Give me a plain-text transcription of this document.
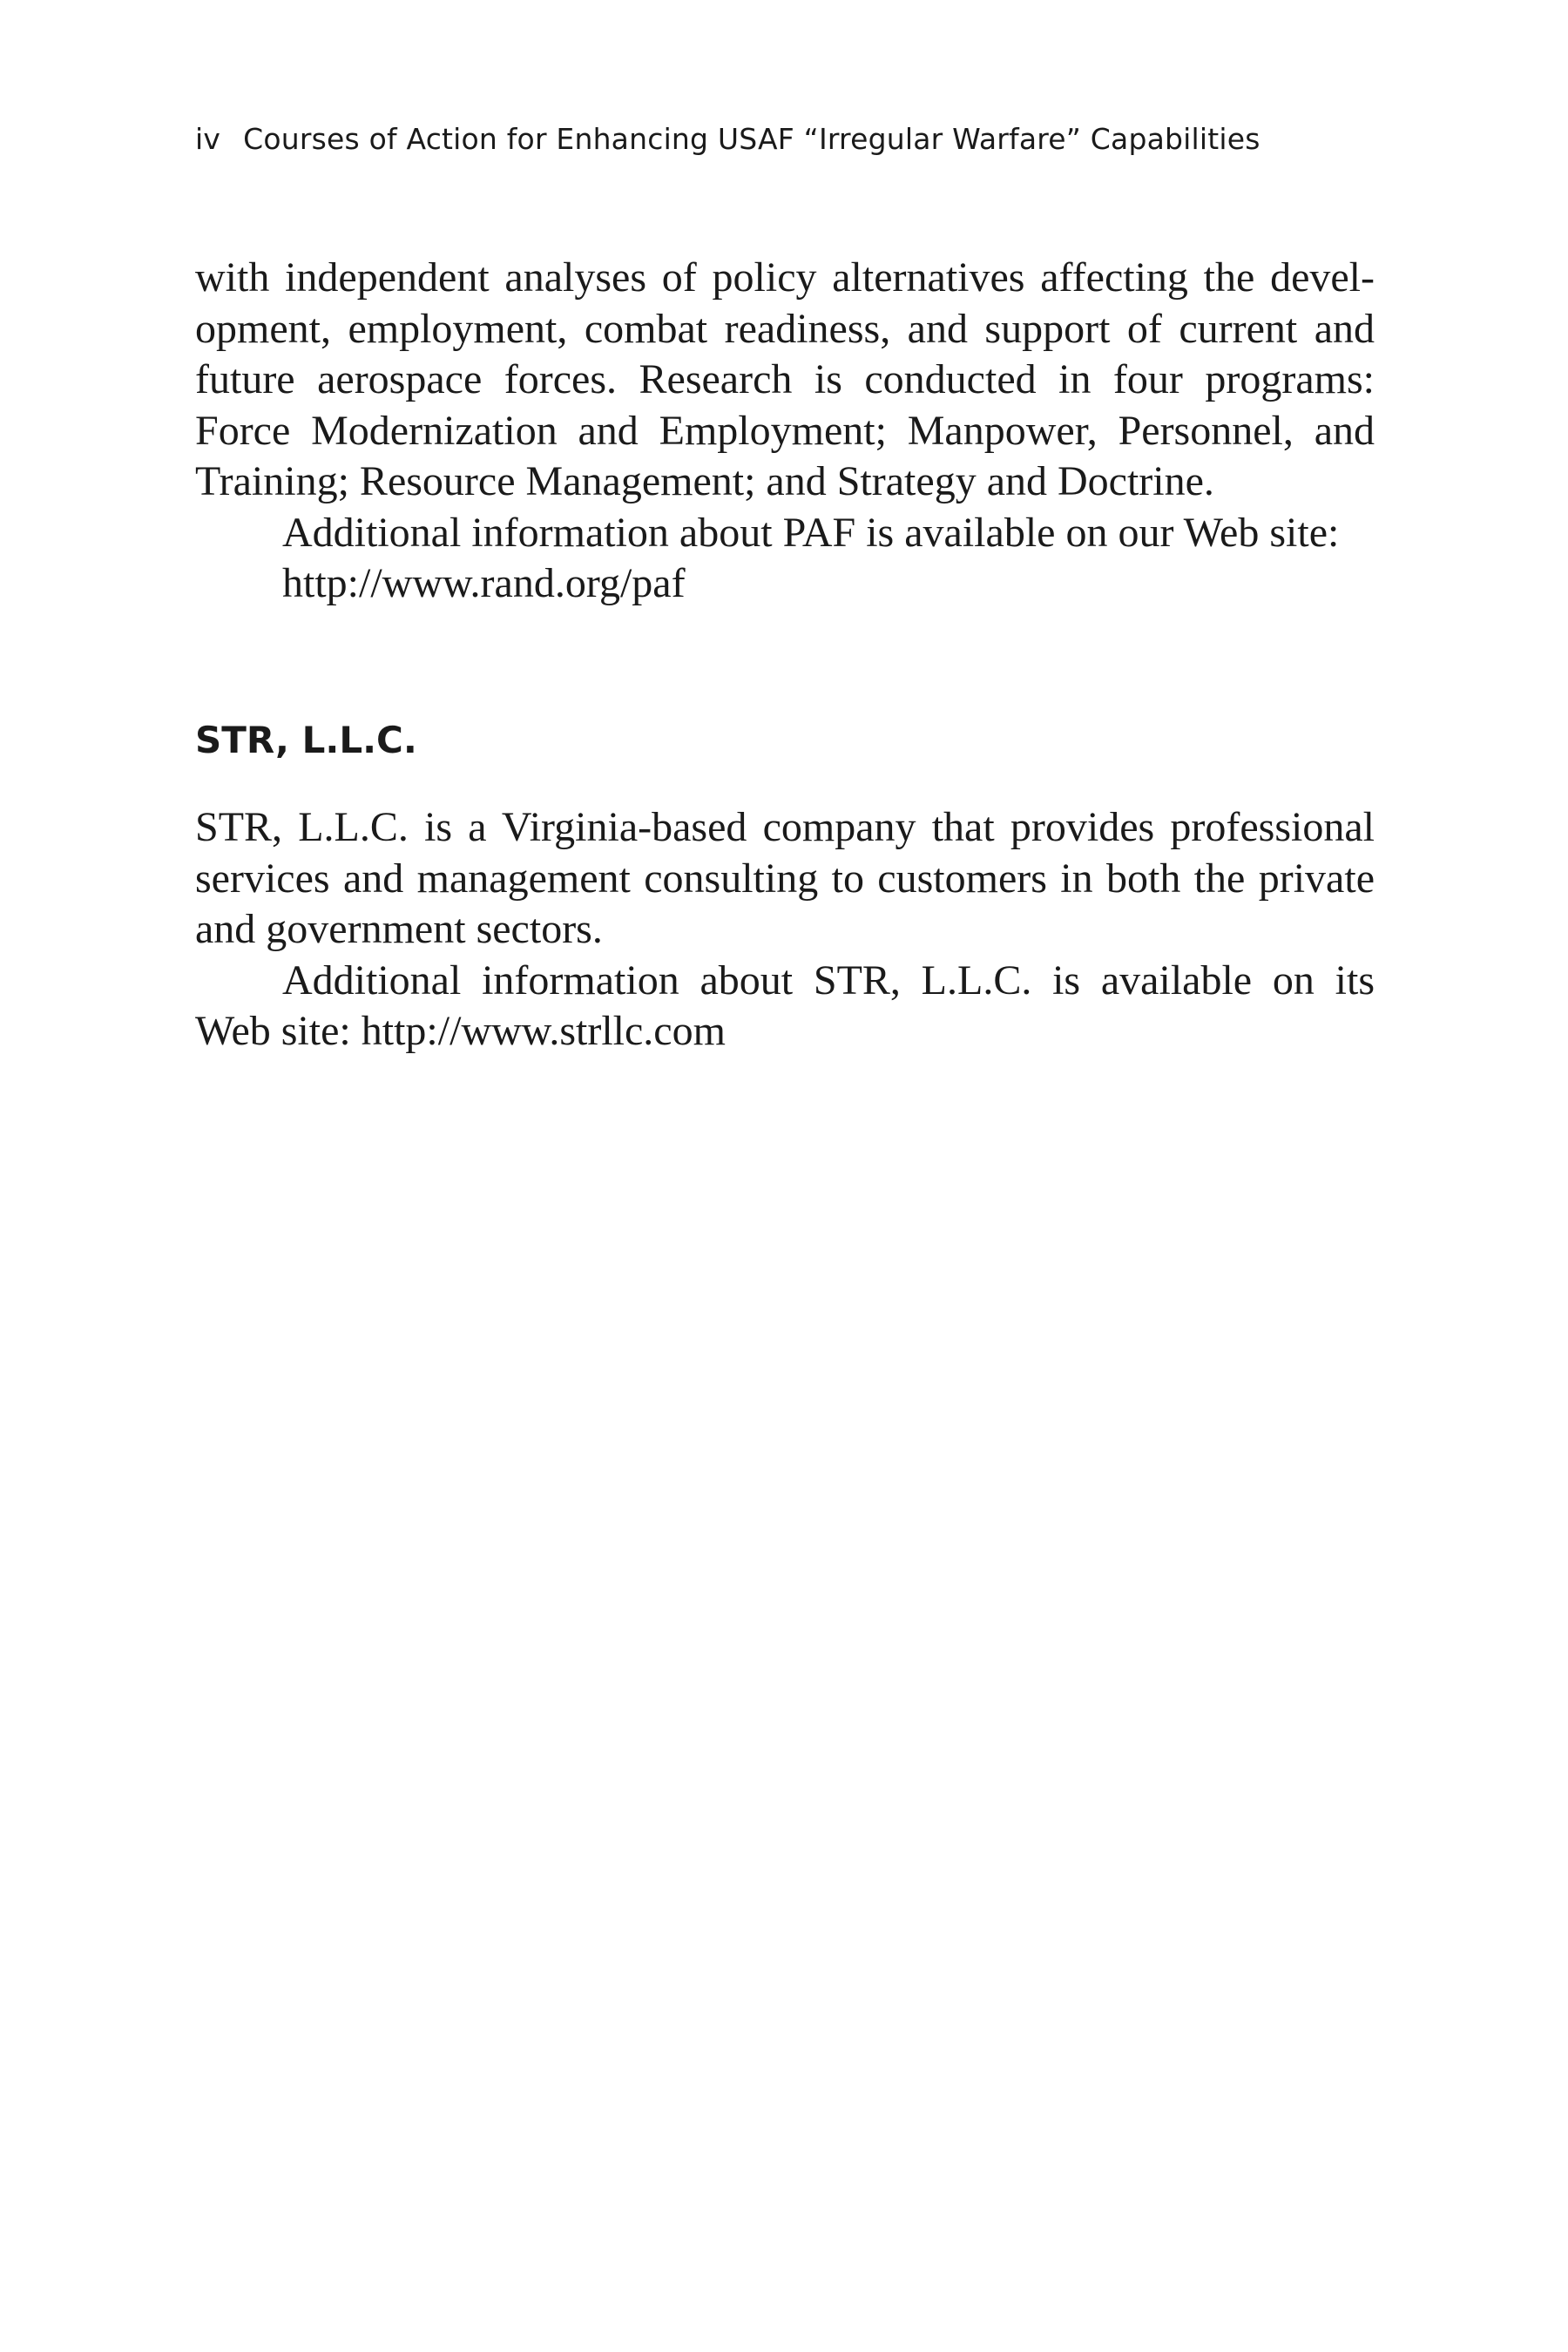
iv Courses of Action for Enhancing USAF “Irregular Warfare” Capabilities

with independent analyses of policy alternatives affecting the development, employment, combat readiness, and support of current and future aerospace forces. Research is conducted in four programs: Force Modernization and Employment; Manpower, Personnel, and Training; Resource Management; and Strategy and Doctrine.

Additional information about PAF is available on our Web site:

http://www.rand.org/paf

STR, L.L.C.

STR, L.L.C. is a Virginia-based company that provides professional services and management consulting to customers in both the private and government sectors.

Additional information about STR, L.L.C. is available on its Web site: http://www.strllc.com
